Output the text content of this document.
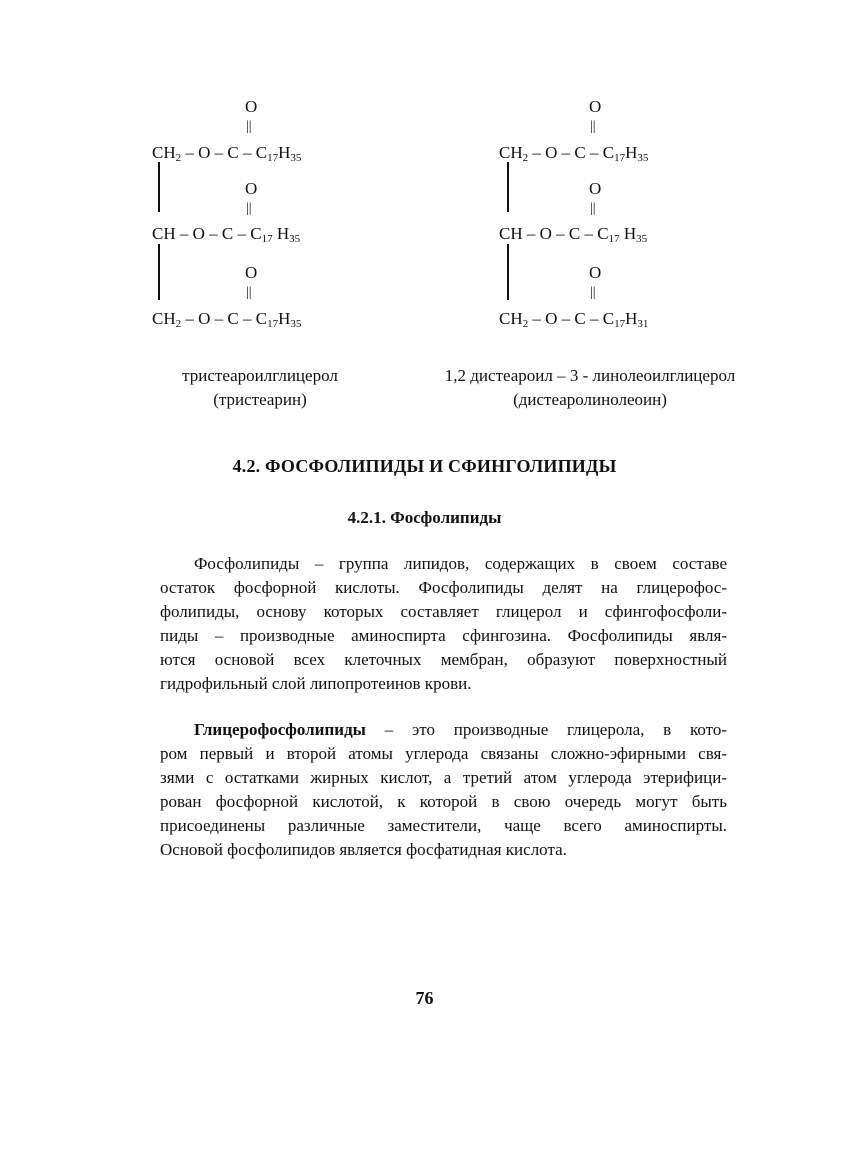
O
||
$CH_2$ – O – C – $C_{17}H_{35}$
O
||
CH – O – C – $C_{17}$ $H_{35}$
O
||
$CH_2$ – O – C – $C_{17}H_{35}$
O
||
$CH_2$ – O – C – $C_{17}H_{35}$
O
||
CH – O – C – $C_{17}$ $H_{35}$
O
||
$CH_2$ – O – C – $C_{17}H_{31}$
тристеароилглицерол
(тристеарин)
1,2 дистеароил – 3 - линолеоилглицерол
(дистеаролинолеоин)
4.2. ФОСФОЛИПИДЫ И СФИНГОЛИПИДЫ
4.2.1. Фосфолипиды
Фосфолипиды – группа липидов, содержащих в своем составе
остаток фосфорной кислоты. Фосфолипиды делят на глицерофос-
фолипиды, основу которых составляет глицерол и сфингофосфоли-
пиды – производные аминоспирта сфингозина. Фосфолипиды явля-
ются основой всех клеточных мембран, образуют поверхностный
гидрофильный слой липопротеинов крови.
Глицерофосфолипиды – это производные глицерола, в кото-
ром первый и второй атомы углерода связаны сложно-эфирными свя-
зями с остатками жирных кислот, а третий атом углерода этерифици-
рован фосфорной кислотой, к которой в свою очередь могут быть
присоединены различные заместители, чаще всего аминоспирты.
Основой фосфолипидов является фосфатидная кислота.
76
